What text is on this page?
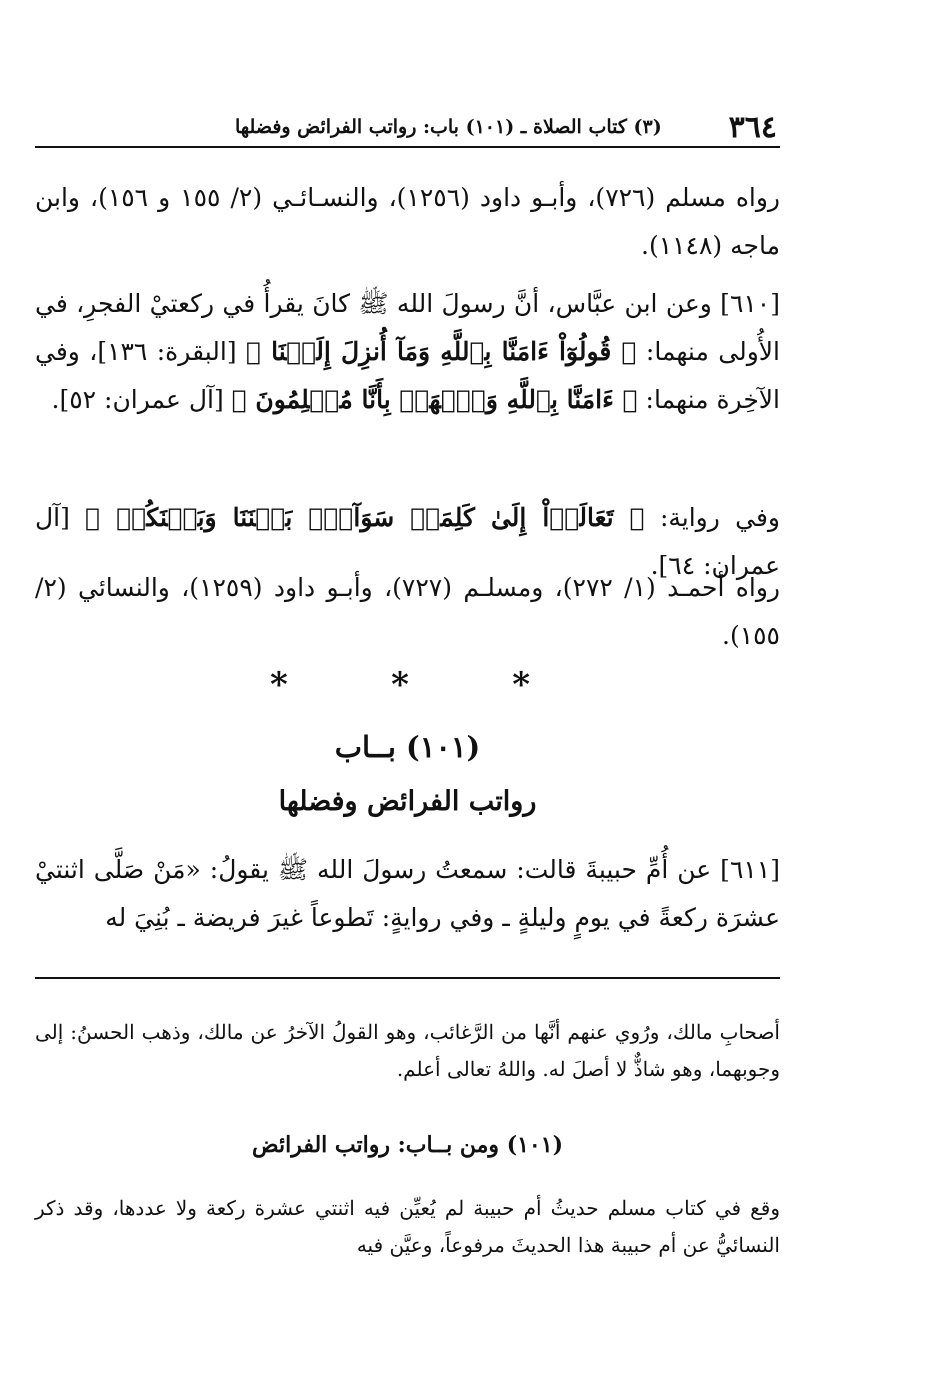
٣٦٤
(٣) كتاب الصلاة ـ (١٠١) باب: رواتب الفرائض وفضلها

رواه مسلم (٧٢٦)، وأبـو داود (١٢٥٦)، والنسـائـي (٢/ ١٥٥ و ١٥٦)، وابن ماجه (١١٤٨).

[٦١٠] وعن ابن عبَّاس، أنَّ رسولَ الله ﷺ كانَ يقرأُ في ركعتيْ الفجرِ، في الأُولى منهما: ﴿ قُولُوٓاْ ءَامَنَّا بِٱللَّهِ وَمَآ أُنزِلَ إِلَيۡنَا ﴾ [البقرة: ١٣٦]، وفي الآخِرة منهما: ﴿ ءَامَنَّا بِٱللَّهِ وَٱشۡهَدۡ بِأَنَّا مُسۡلِمُونَ ﴾ [آل عمران: ٥٢].

وفي رواية: ﴿ تَعَالَوۡاْ إِلَىٰ كَلِمَةٖ سَوَآءِۭ بَيۡنَنَا وَبَيۡنَكُمۡ ﴾ [آل عمران: ٦٤].

رواه أحمـد (١/ ٢٧٢)، ومسلـم (٧٢٧)، وأبـو داود (١٢٥٩)، والنسائي (٢/ ١٥٥).

*
*
*
(١٠١) بــاب
رواتب الفرائض وفضلها

[٦١١] عن أُمِّ حبيبةَ قالت: سمعتُ رسولَ الله ﷺ يقولُ: «مَنْ صَلَّى اثنتيْ عشرَة ركعةً في يومٍ وليلةٍ ـ وفي روايةٍ: تَطوعاً غيرَ فريضة ـ بُنِيَ له

أصحابِ مالك، ورُوي عنهم أنَّها من الرَّغائب، وهو القولُ الآخرُ عن مالك، وذهب الحسنُ: إلى وجوبهما، وهو شاذٌّ لا أصلَ له. واللهُ تعالى أعلم.

(١٠١) ومن بــاب: رواتب الفرائض

وقع في كتاب مسلم حديثُ أم حبيبة لم يُعيِّن فيه اثنتي عشرة ركعة ولا عددها، وقد ذكر النسائيُّ عن أم حبيبة هذا الحديثَ مرفوعاً، وعيَّن فيه
